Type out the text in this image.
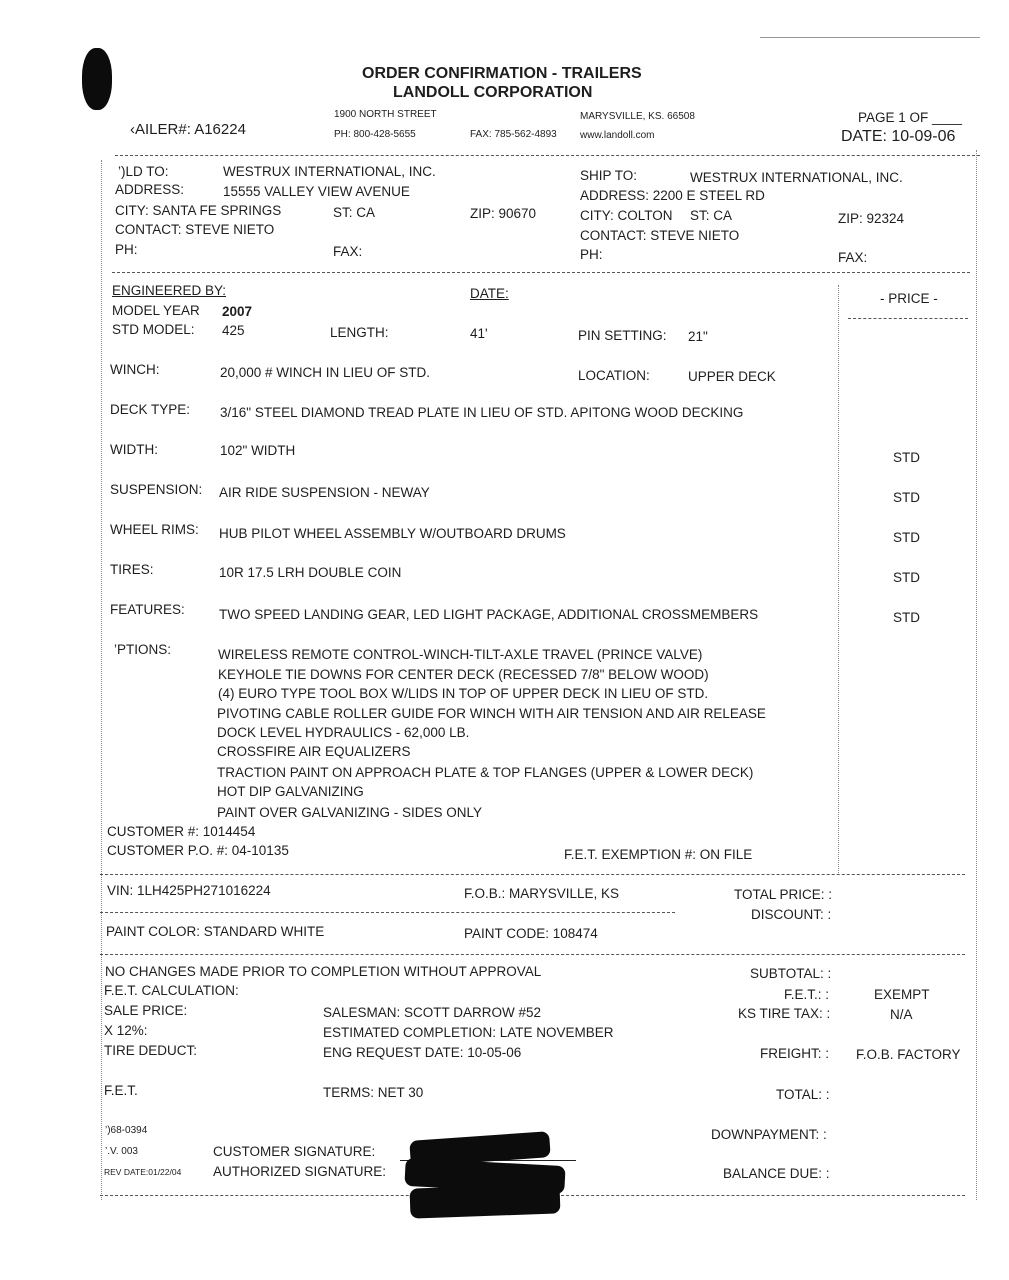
ORDER CONFIRMATION - TRAILERS
LANDOLL CORPORATION
‹AILER#: A16224
1900 NORTH STREET
PH: 800-428-5655	FAX: 785-562-4893
MARYSVILLE, KS. 66508
www.landoll.com
PAGE 1 OF ____
DATE: 10-09-06
’)LD TO:	WESTRUX INTERNATIONAL, INC.
ADDRESS:	15555 VALLEY VIEW AVENUE
CITY: SANTA FE SPRINGS	ST: CA	ZIP: 90670
CONTACT: STEVE NIETO
PH:	FAX:
SHIP TO:	WESTRUX INTERNATIONAL, INC.
ADDRESS: 2200 E STEEL RD
CITY: COLTON ST: CA	ZIP: 92324
CONTACT: STEVE NIETO
PH:	FAX:
ENGINEERED BY:	DATE:	- PRICE -
MODEL YEAR 2007
STD MODEL: 425	LENGTH:	41'	PIN SETTING: 21"
WINCH:	20,000 # WINCH IN LIEU OF STD.	LOCATION:	UPPER DECK
DECK TYPE: 3/16" STEEL DIAMOND TREAD PLATE IN LIEU OF STD. APITONG WOOD DECKING
WIDTH:	102" WIDTH	STD
SUSPENSION: AIR RIDE SUSPENSION - NEWAY	STD
WHEEL RIMS: HUB PILOT WHEEL ASSEMBLY W/OUTBOARD DRUMS	STD
TIRES:	10R 17.5 LRH DOUBLE COIN	STD
FEATURES:	TWO SPEED LANDING GEAR, LED LIGHT PACKAGE, ADDITIONAL CROSSMEMBERS	STD
’PTIONS:	WIRELESS REMOTE CONTROL-WINCH-TILT-AXLE TRAVEL (PRINCE VALVE)
KEYHOLE TIE DOWNS FOR CENTER DECK (RECESSED 7/8" BELOW WOOD)
(4) EURO TYPE TOOL BOX W/LIDS IN TOP OF UPPER DECK IN LIEU OF STD.
PIVOTING CABLE ROLLER GUIDE FOR WINCH WITH AIR TENSION AND AIR RELEASE
DOCK LEVEL HYDRAULICS - 62,000 LB.
CROSSFIRE AIR EQUALIZERS
TRACTION PAINT ON APPROACH PLATE & TOP FLANGES (UPPER & LOWER DECK)
HOT DIP GALVANIZING
PAINT OVER GALVANIZING - SIDES ONLY
CUSTOMER #: 1014454
CUSTOMER P.O. #: 04-10135	F.E.T. EXEMPTION #: ON FILE
VIN: 1LH425PH271016224	F.O.B.: MARYSVILLE, KS	TOTAL PRICE: :
DISCOUNT: :
PAINT COLOR: STANDARD WHITE	PAINT CODE: 108474
NO CHANGES MADE PRIOR TO COMPLETION WITHOUT APPROVAL
F.E.T. CALCULATION:
SALE PRICE:
X 12%:
TIRE DEDUCT:
F.E.T.
SALESMAN: SCOTT DARROW #52
ESTIMATED COMPLETION: LATE NOVEMBER
ENG REQUEST DATE: 10-05-06
TERMS: NET 30
SUBTOTAL: :
F.E.T.: :	EXEMPT
KS TIRE TAX: :	N/A
FREIGHT: : F.O.B. FACTORY
TOTAL: :
DOWNPAYMENT: :
BALANCE DUE: :
’)68-0394
’.V. 003
REV DATE:01/22/04
CUSTOMER SIGNATURE:
AUTHORIZED SIGNATURE:
